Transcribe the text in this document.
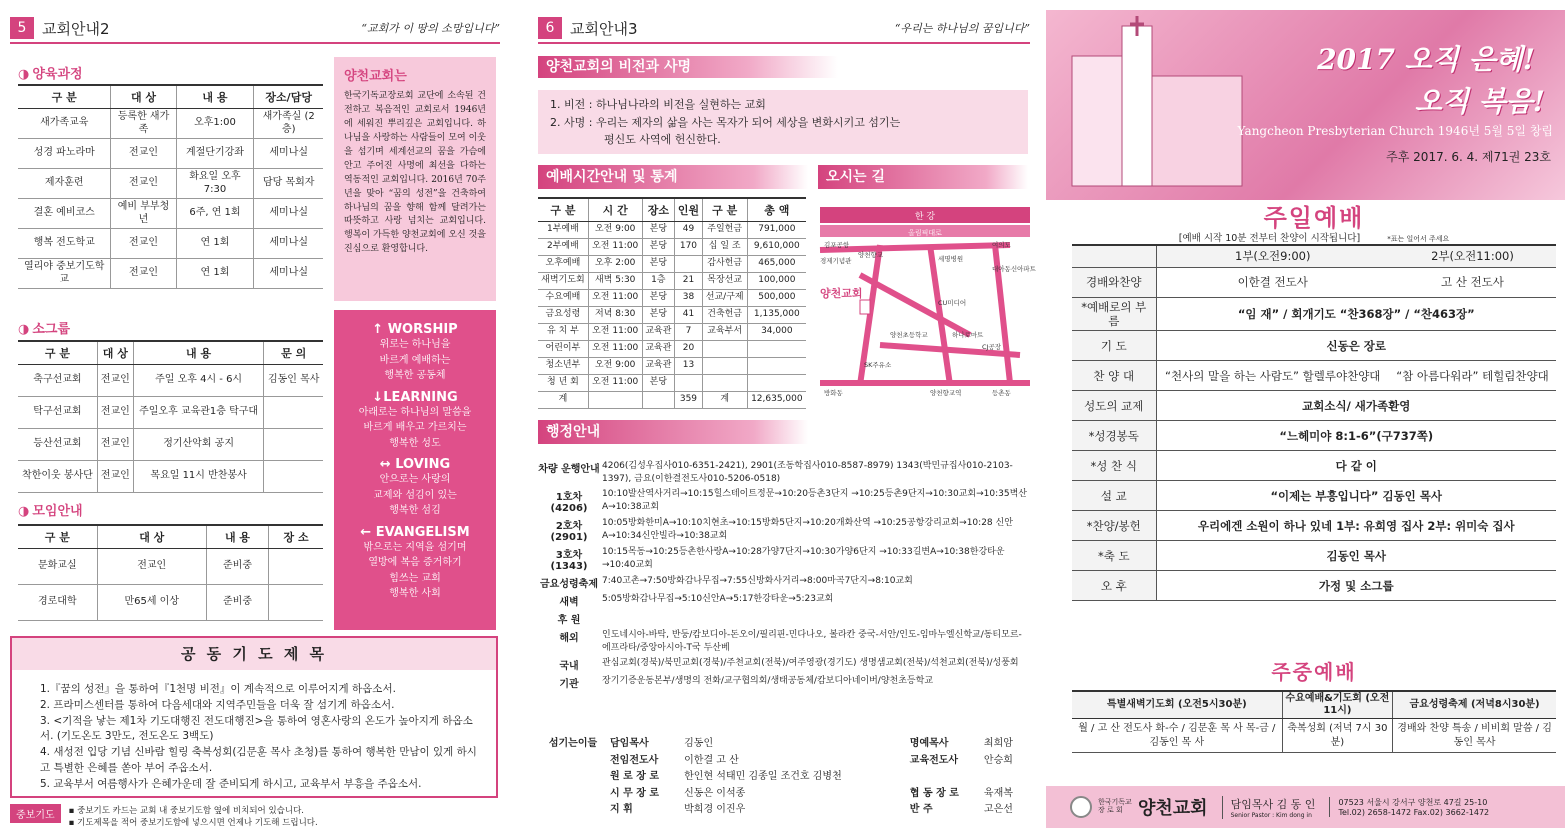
5	교회안내2	“교회가 이 땅의 소망입니다”
◑ 양육과정
구 분	대 상	내 용	장소/담당
새가족교육	등록한 새가족	오후1:00	새가족실 (2층)
성경 파노라마	전교인	계절단기강좌	세미나실
제자훈련	전교인	화요일 오후7:30	담당 목회자
결혼 예비코스	예비 부부청년	6주, 연 1회	세미나실
행복 전도학교	전교인	연 1회	세미나실
열리야 중보기도학교	전교인	연 1회	세미나실
◑ 소그룹
구 분	대 상	내 용	문 의
축구선교회	전교인	주일 오후 4시 - 6시	김동인 목사
탁구선교회	전교인	주일오후 교육관1층 탁구대	
등산선교회	전교인	정기산악회 공지	
착한이웃 봉사단	전교인	목요일 11시 반찬봉사	
◑ 모임안내
구 분	대 상	내 용	장 소
문화교실	전교인	준비중	
경로대학	만65세 이상	준비중	
양천교회는

한국기독교장로회 교단에 소속된 건전하고 복음적인 교회로서 1946년에 세워진 뿌리깊은 교회입니다. 하나님을 사랑하는 사람들이 모여 이웃을 섬기며 세계선교의 꿈을 가슴에 안고 주어진 사명에 최선을 다하는 역동적인 교회입니다. 2016년 70주년을 맞아 “꿈의 성전”을 건축하여 하나님의 꿈을 향해 함께 달려가는 따뜻하고 사랑 넘치는 교회입니다. 행복이 가득한 양천교회에 오신 것을 진심으로 환영합니다.

↑ WORSHIP
위로는 하나님을
바르게 예배하는
행복한 공동체
↓LEARNING
아래로는 하나님의 말씀을
바르게 배우고 가르치는
행복한 성도
↔ LOVING
안으로는 사랑의
교제와 섬김이 있는
행복한 섬김
← EVANGELISM
밖으로는 지역을 섬기며
열방에 복음 증거하기
힘쓰는 교회
행복한 사회
공 동 기 도 제 목
1.『꿈의 성전』을 통하여『1천명 비전』이 계속적으로 이루어지게 하옵소서.
2. 프라미스센터를 통하여 다음세대와 지역주민들을 더욱 잘 섬기게 하옵소서.
3. <기적을 낳는 제1차 기도대행진 전도대행진>을 통하여 영혼사랑의 온도가 높아지게 하옵소서. (기도온도 3만도, 전도온도 3백도)
4. 새성전 입당 기념 신바람 힐링 축복성회(김문훈 목사 초청)를 통하여 행복한 만남이 있게 하시고 특별한 은혜를 쏟아 부어 주옵소서.
5. 교육부서 여름행사가 은혜가운데 잘 준비되게 하시고, 교육부서 부흥을 주옵소서.
중보기도	▪ 중보기도 카드는 교회 내 중보기도함 옆에 비치되어 있습니다.
▪ 기도제목을 적어 중보기도함에 넣으시면 언제나 기도해 드립니다.
6	교회안내3	“우리는 하나님의 꿈입니다”
양천교회의 비전과 사명
1. 비전 : 하나님나라의 비전을 실현하는 교회
2. 사명 : 우리는 제자의 삶을 사는 목자가 되어 세상을 변화시키고 섬기는
평신도 사역에 헌신한다.
예배시간안내 및 통계
구 분	시 간	장소	인원	구 분	총 액
1부예배	오전 9:00	본당	49	주일헌금	791,000
2부예배	오전 11:00	본당	170	십 일 조	9,610,000
오후예배	오후 2:00	본당		감사헌금	465,000
새벽기도회	새벽 5:30	1층	21	목장선교	100,000
수요예배	오전 11:00	본당	38	선교/구제	500,000
금요성령	저녁 8:30	본당	41	건축헌금	1,135,000
유 치 부	오전 11:00	교육관	7	교육부서	34,000
어린이부	오전 11:00	교육관	20		
청소년부	오전 9:00	교육관	13		
청 년 회	오전 11:00	본당			
계			359	계	12,635,000
오시는 길
한 강
올림픽대로
양천교회
김포공항
양천향교
경제기념관	세명병원
여의도
대아동신아파트
CU미디어
양천초등학교	하나로마트
CJ공장
SK주유소
방화동	양천향교역	등촌동
행정안내
차량 운행안내 4206(김성우집사010-6351-2421), 2901(조동학집사010-8587-8979) 1343(박민규집사010-2103-1397), 금요(이한결전도사010-5206-0518)
1호차 (4206)
10:10발산역사거리→10:15힐스테이트정문→10:20등촌3단지 →10:25등촌9단지→10:30교회→10:35벽산A→10:38교회
2호차 (2901)
10:05방화한미A→10:10치현초→10:15방화5단지→10:20개화산역 →10:25공항강리교회→10:28 신안A→10:34신안빌라→10:38교회
3호차 (1343)
10:15목동→10:25등촌한사랑A→10:28가양7단지→10:30가양6단지 →10:33길변A→10:38한강타운→10:40교회
금요성령축제 7:40고촌→7:50방화감나무집→7:55신방화사거리→8:00마곡7단지→8:10교회
새벽	5:05방화감나무집→5:10신안A→5:17한강타운→5:23교회
후 원
해외	인도네시아-바탁, 반둥/캄보디아-돈오이/필리핀-민다나오, 볼라칸 중국-서안/인도-임마누엘신학교/동티모르-에프라타/중앙아시아-T국 두산베
국내	관심교회(경북)/북민교회(경북)/주천교회(전북)/여주영광(경기도) 생명샘교회(전북)/석천교회(전북)/성풍회
기관	장기기증운동본부/생명의 전화/교구협의회/생태공동체/캄보디아네이버/양천초등학교
섬기는이들	담임목사	김동인	명예목사	최희암
	전임전도사	이한결 고 산	교육전도사	안승희
	원 로 장 로	한인현 석태민 김종일 조건호 김병천		
	시 무 장 로	신동은 이석종	협 동 장 로	육재복
	지 휘	박희경 이진우	반 주	고은선
2017 오직 은혜!
오직 복음!
Yangcheon Presbyterian Church 1946년 5월 5일 창립
주후 2017. 6. 4. 제71권 23호
주일예배
[예배 시작 10분 전부터 찬양이 시작됩니다]	*표는 일어서 주세요
	1부(오전9:00)	2부(오전11:00)
경배와찬양	이한결 전도사	고 산 전도사
*예배로의 부름	“임 재” / 회개기도 “찬368장” / “찬463장”	
기 도	신동은 장로	
찬 양 대	“천사의 말을 하는 사람도” 할렐루야찬양대	“참 아름다워라” 테힐림찬양대
성도의 교제	교회소식/ 새가족환영	
*성경봉독	“느헤미야 8:1-6”(구737쪽)	
*성 찬 식	다 같 이	
설 교	“이제는 부흥입니다” 김동인 목사	
*찬양/봉헌	우리에겐 소원이 하나 있네 1부: 유희영 집사 2부: 위미숙 집사	
*축 도	김동인 목사	
오 후	가정 및 소그룹	
주중예배
특별새벽기도회 (오전5시30분)	수요예배&기도회 (오전11시)	금요성령축제 (저녁8시30분)
월 / 고 산 전도사 화-수 / 김문훈 목 사 목-금 / 김동인 목 사	축복성회 (저녁 7시 30분)	경배와 찬양 특송 / 비비회 말씀 / 김동인 목사
한국기독교 장 로 회 양천교회 담임목사 김 동 인
Senior Pastor : Kim dong in
07523 서울시 강서구 양천로 47길 25-10
Tel.02) 2658-1472 Fax.02) 3662-1472
